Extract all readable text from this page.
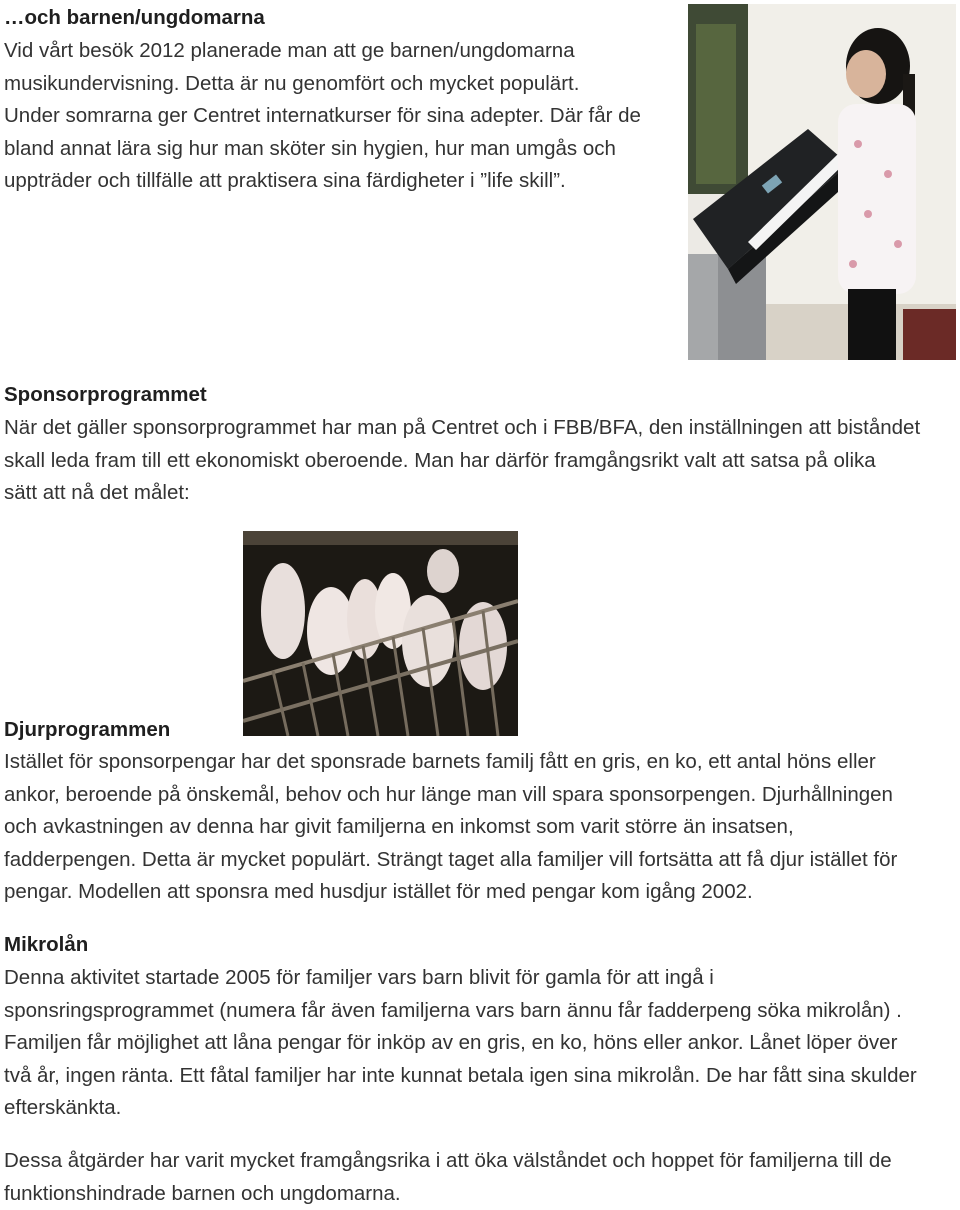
…och barnen/ungdomarna
Vid vårt besök 2012 planerade man att ge barnen/ungdomarna
musikundervisning. Detta är nu genomfört och mycket populärt.
Under somrarna ger Centret internatkurser för sina adepter. Där får de
bland annat lära sig hur man sköter sin hygien, hur man umgås och
uppträder och tillfälle att praktisera sina färdigheter i ”life skill”.
Sponsorprogrammet
När det gäller sponsorprogrammet har man på Centret och i FBB/BFA, den inställningen att biståndet
skall leda fram till ett ekonomiskt oberoende. Man har därför framgångsrikt valt att satsa på olika
sätt att nå det målet:
Djurprogrammen
Istället för sponsorpengar har det sponsrade barnets familj fått en gris, en ko, ett antal höns eller
ankor, beroende på önskemål, behov och hur länge man vill spara sponsorpengen. Djurhållningen
och avkastningen av denna har givit familjerna en inkomst som varit större än insatsen,
fadderpengen. Detta är mycket populärt. Strängt taget alla familjer vill fortsätta att få djur istället för
pengar. Modellen att sponsra med husdjur istället för med pengar kom igång 2002.
Mikrolån
Denna aktivitet startade 2005 för familjer vars barn blivit för gamla för att ingå i
sponsringsprogrammet (numera får även familjerna vars barn ännu får fadderpeng söka mikrolån) .
Familjen får möjlighet att låna pengar för inköp av en gris, en ko, höns eller ankor. Lånet löper över
två år, ingen ränta. Ett fåtal familjer har inte kunnat betala igen sina mikrolån. De har fått sina skulder
efterskänkta.
Dessa åtgärder har varit mycket framgångsrika i att öka välståndet och hoppet för familjerna till de
funktionshindrade barnen och ungdomarna.
